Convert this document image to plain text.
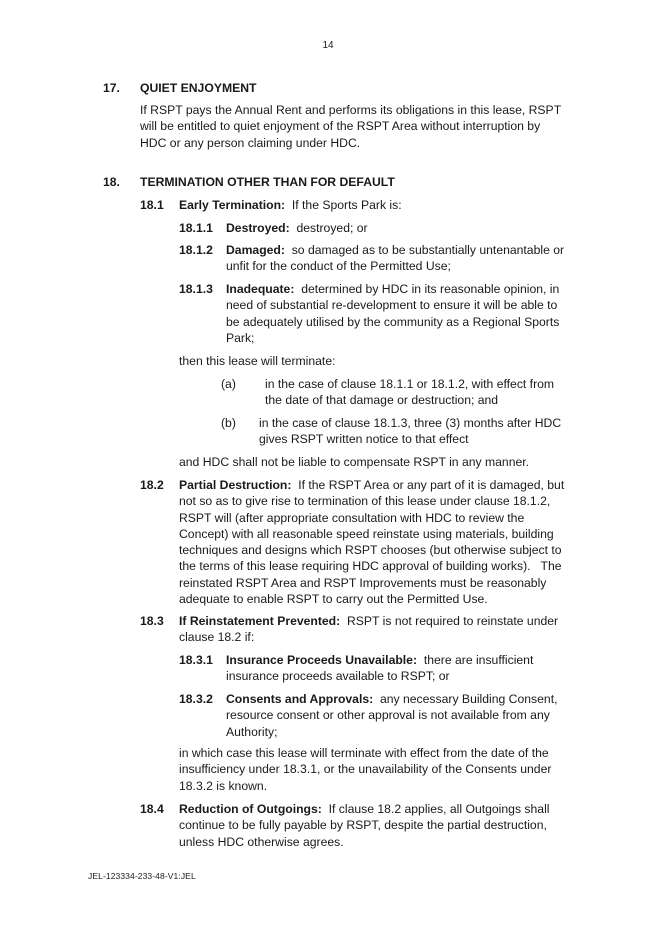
14
17. QUIET ENJOYMENT
If RSPT pays the Annual Rent and performs its obligations in this lease, RSPT will be entitled to quiet enjoyment of the RSPT Area without interruption by HDC or any person claiming under HDC.
18. TERMINATION OTHER THAN FOR DEFAULT
18.1 Early Termination: If the Sports Park is:
18.1.1 Destroyed: destroyed; or
18.1.2 Damaged: so damaged as to be substantially untenantable or unfit for the conduct of the Permitted Use;
18.1.3 Inadequate: determined by HDC in its reasonable opinion, in need of substantial re-development to ensure it will be able to be adequately utilised by the community as a Regional Sports Park;
then this lease will terminate:
(a) in the case of clause 18.1.1 or 18.1.2, with effect from the date of that damage or destruction; and
(b) in the case of clause 18.1.3, three (3) months after HDC gives RSPT written notice to that effect
and HDC shall not be liable to compensate RSPT in any manner.
18.2 Partial Destruction: If the RSPT Area or any part of it is damaged, but not so as to give rise to termination of this lease under clause 18.1.2, RSPT will (after appropriate consultation with HDC to review the Concept) with all reasonable speed reinstate using materials, building techniques and designs which RSPT chooses (but otherwise subject to the terms of this lease requiring HDC approval of building works).   The reinstated RSPT Area and RSPT Improvements must be reasonably adequate to enable RSPT to carry out the Permitted Use.
18.3 If Reinstatement Prevented: RSPT is not required to reinstate under clause 18.2 if:
18.3.1 Insurance Proceeds Unavailable: there are insufficient insurance proceeds available to RSPT; or
18.3.2 Consents and Approvals: any necessary Building Consent, resource consent or other approval is not available from any Authority;
in which case this lease will terminate with effect from the date of the insufficiency under 18.3.1, or the unavailability of the Consents under 18.3.2 is known.
18.4 Reduction of Outgoings: If clause 18.2 applies, all Outgoings shall continue to be fully payable by RSPT, despite the partial destruction, unless HDC otherwise agrees.
JEL-123334-233-48-V1:JEL
